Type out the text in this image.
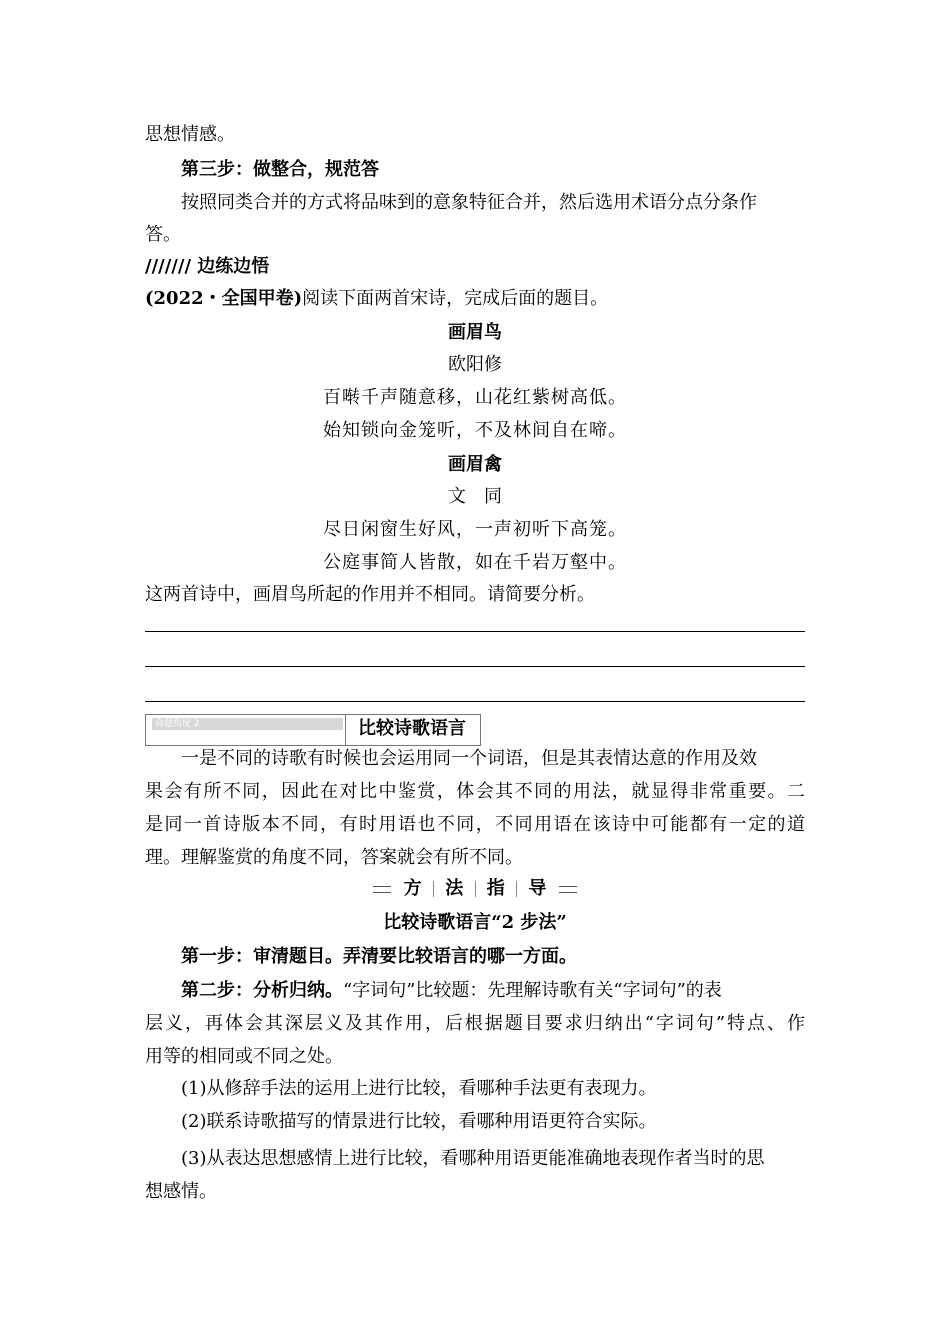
思想情感。
第三步：做整合，规范答
按照同类合并的方式将品味到的意象特征合并，然后选用术语分点分条作
答。
/////// 边练边悟
(2022・全国甲卷)阅读下面两首宋诗，完成后面的题目。
画眉鸟
欧阳修
百啭千声随意移，山花红紫树高低。
始知锁向金笼听，不及林间自在啼。
画眉禽
文　同
尽日闲窗生好风，一声初听下高笼。
公庭事简人皆散，如在千岩万壑中。
这两首诗中，画眉鸟所起的作用并不相同。请简要分析。
命题角度 2	比较诗歌语言
一是不同的诗歌有时候也会运用同一个词语，但是其表情达意的作用及效
果会有所不同，因此在对比中鉴赏，体会其不同的用法，就显得非常重要。二
是同一首诗版本不同，有时用语也不同，不同用语在该诗中可能都有一定的道
理。理解鉴赏的角度不同，答案就会有所不同。
方 法 指 导
比较诗歌语言“2 步法”
第一步：审清题目。弄清要比较语言的哪一方面。
第二步：分析归纳。“字词句”比较题：先理解诗歌有关“字词句”的表
层义，再体会其深层义及其作用，后根据题目要求归纳出“字词句”特点、作
用等的相同或不同之处。
(1)从修辞手法的运用上进行比较，看哪种手法更有表现力。
(2)联系诗歌描写的情景进行比较，看哪种用语更符合实际。
(3)从表达思想感情上进行比较，看哪种用语更能准确地表现作者当时的思
想感情。
